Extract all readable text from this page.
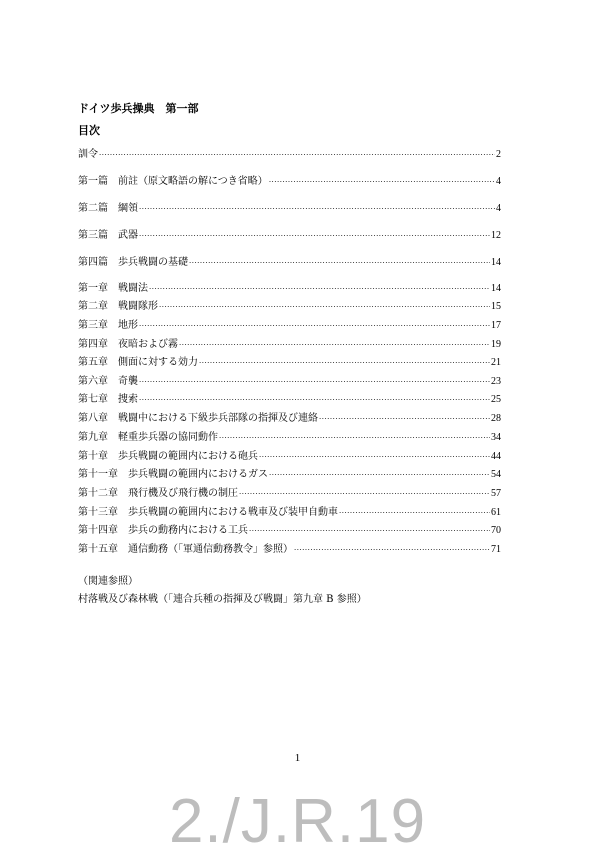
ドイツ歩兵操典　第一部
目次
訓令 ·····	2
第一篇 前註（原文略語の解につき省略） ·····	4
第二篇 綱領 ·····	4
第三篇 武器 ·····	12
第四篇 歩兵戦闘の基礎 ·····	14
第一章 戦闘法 ·····	14
第二章 戦闘隊形 ·····	15
第三章 地形 ·····	17
第四章 夜暗および霧 ·····	19
第五章 側面に対する効力 ·····	21
第六章 奇襲 ·····	23
第七章 捜索 ·····	25
第八章 戦闘中における下級歩兵部隊の指揮及び連絡 ·····	28
第九章 軽重歩兵器の協同動作 ·····	34
第十章 歩兵戦闘の範囲内における砲兵 ·····	44
第十一章 歩兵戦闘の範囲内におけるガス ·····	54
第十二章 飛行機及び飛行機の制圧 ·····	57
第十三章 歩兵戦闘の範囲内における戦車及び装甲自動車 ·····	61
第十四章 歩兵の動務内における工兵 ·····	70
第十五章 通信動務（「軍通信動務教令」参照） ·····	71
（関連参照）
村落戦及び森林戦（「連合兵種の指揮及び戦闘」第九章 B 参照）
1
2./J.R.19
